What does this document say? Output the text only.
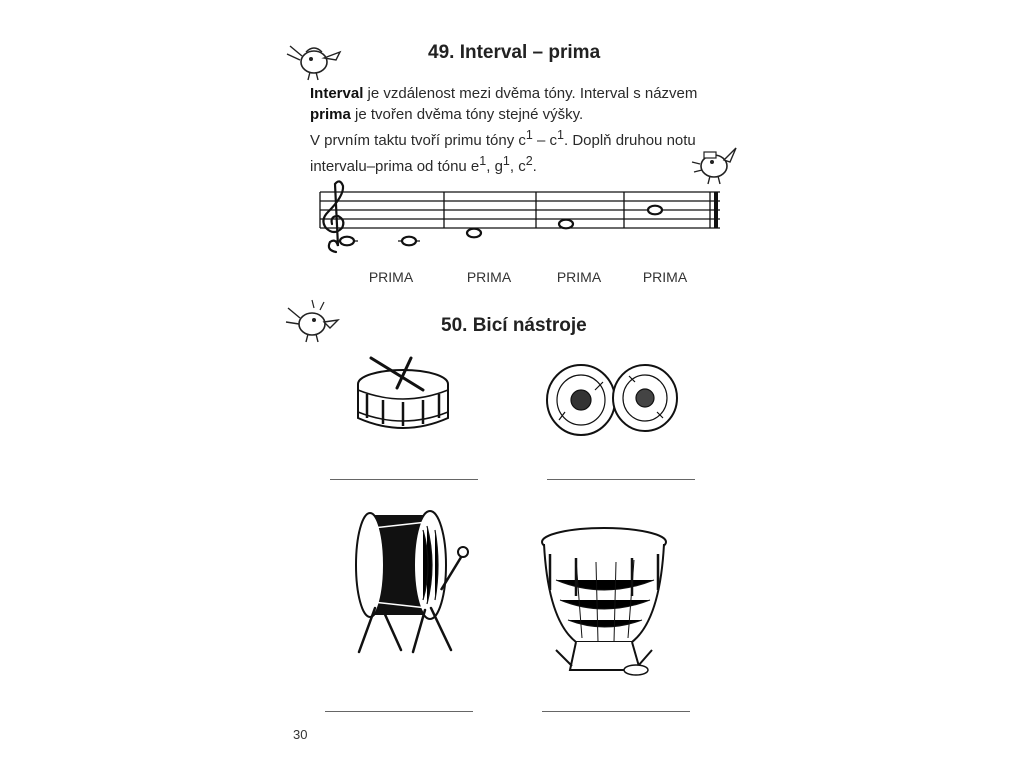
49. Interval – prima
Interval je vzdálenost mezi dvěma tóny. Interval s názvem
prima je tvořen dvěma tóny stejné výšky.
V prvním taktu tvoří primu tóny $c^1 - c^1$. Doplň druhou notu
intervalu–prima od tónu $e^1$, $g^1$, $c^2$.
PRIMA	PRIMA	PRIMA	PRIMA
50. Bicí nástroje
30
